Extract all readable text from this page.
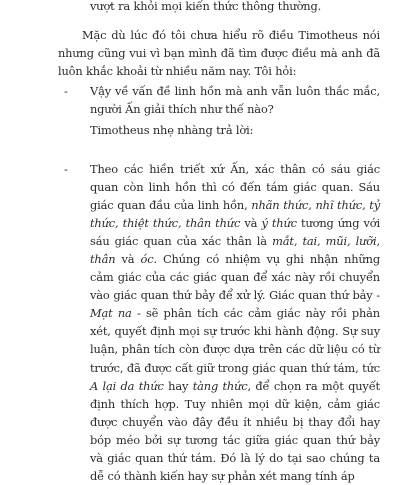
vượt ra khỏi mọi kiến thức thông thường.

Mặc dù lúc đó tôi chưa hiểu rõ điều Timotheus nói nhưng cũng vui vì bạn mình đã tìm được điều mà anh đã luôn khắc khoải từ nhiều năm nay. Tôi hỏi:

- Vậy về vấn đề linh hồn mà anh vẫn luôn thắc mắc, người Ấn giải thích như thế nào?

Timotheus nhẹ nhàng trả lời:

- Theo các hiền triết xứ Ấn, xác thân có sáu giác quan còn linh hồn thì có đến tám giác quan. Sáu giác quan đầu của linh hồn, nhãn thức, nhĩ thức, tỷ thức, thiệt thức, thân thức và ý thức tương ứng với sáu giác quan của xác thân là mắt, tai, mũi, lưỡi, thân và óc. Chúng có nhiệm vụ ghi nhận những cảm giác của các giác quan để xác này rồi chuyển vào giác quan thứ bảy để xử lý. Giác quan thứ bảy - Mạt na - sẽ phân tích các cảm giác này rồi phản xét, quyết định mọi sự trước khi hành động. Sự suy luận, phân tích còn được dựa trên các dữ liệu có từ trước, đã được cất giữ trong giác quan thứ tám, tức A lại da thức hay tàng thức, để chọn ra một quyết định thích hợp. Tuy nhiên mọi dữ kiện, cảm giác được chuyển vào đây đều ít nhiều bị thay đổi hay bóp méo bởi sự tương tác giữa giác quan thứ bảy và giác quan thứ tám. Đó là lý do tại sao chúng ta dễ có thành kiến hay sự phản xét mang tính áp
